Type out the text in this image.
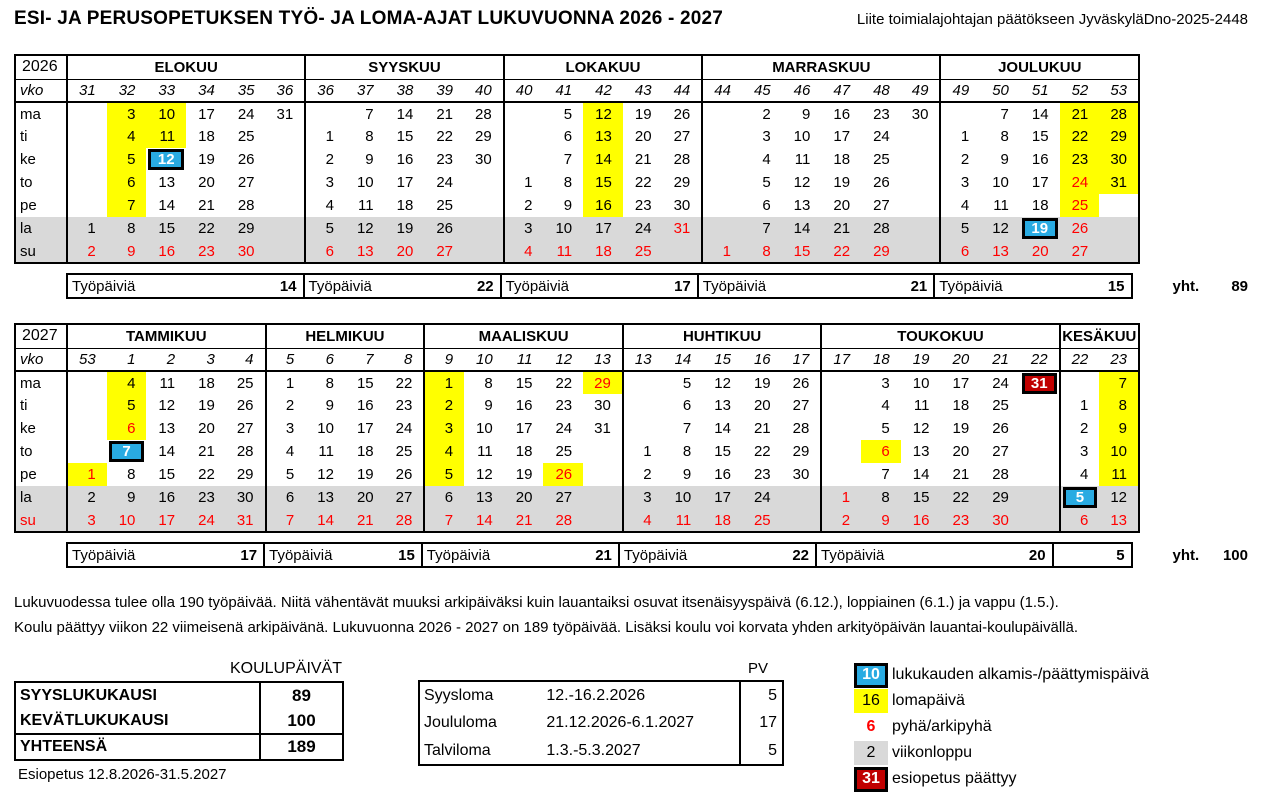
ESI- JA PERUSOPETUKSEN TYÖ- JA LOMA-AJAT LUKUVUONNA 2026 - 2027	Liite toimialajohtajan päätökseen JyväskyläDno-2025-2448
2026	ELOKUU						SYYSKUU					LOKAKUU					MARRASKUU						JOULUKUU				
vko	31	32	33	34	35	36	36	37	38	39	40	40	41	42	43	44	44	45	46	47	48	49	49	50	51	52	53
ma		3	10	17	24	31		7	14	21	28		5	12	19	26		2	9	16	23	30		7	14	21	28
ti		4	11	18	25		1	8	15	22	29		6	13	20	27		3	10	17	24		1	8	15	22	29
ke		5	12	19	26		2	9	16	23	30		7	14	21	28		4	11	18	25		2	9	16	23	30
to		6	13	20	27		3	10	17	24		1	8	15	22	29		5	12	19	26		3	10	17	24	31
pe		7	14	21	28		4	11	18	25		2	9	16	23	30		6	13	20	27		4	11	18	25	
la	1	8	15	22	29		5	12	19	26		3	10	17	24	31		7	14	21	28		5	12	19	26	
su	2	9	16	23	30		6	13	20	27		4	11	18	25		1	8	15	22	29		6	13	20	27	
Työpäiviä	14	Työpäiviä	22	Työpäiviä	17	Työpäiviä	21	Työpäiviä	15	yht. 89
2027	TAMMIKUU					HELMIKUU				MAALISKUU					HUHTIKUU					TOUKOKUU						KESÄKUU	
vko	53	1	2	3	4	5	6	7	8	9	10	11	12	13	13	14	15	16	17	17	18	19	20	21	22	22	23
ma		4	11	18	25	1	8	15	22	1	8	15	22	29		5	12	19	26		3	10	17	24	31		7
ti		5	12	19	26	2	9	16	23	2	9	16	23	30		6	13	20	27		4	11	18	25		1	8
ke		6	13	20	27	3	10	17	24	3	10	17	24	31		7	14	21	28		5	12	19	26		2	9
to		7	14	21	28	4	11	18	25	4	11	18	25		1	8	15	22	29		6	13	20	27		3	10
pe	1	8	15	22	29	5	12	19	26	5	12	19	26		2	9	16	23	30		7	14	21	28		4	11
la	2	9	16	23	30	6	13	20	27	6	13	20	27		3	10	17	24		1	8	15	22	29		5	12
su	3	10	17	24	31	7	14	21	28	7	14	21	28		4	11	18	25		2	9	16	23	30		6	13
Työpäiviä	17	Työpäiviä	15	Työpäiviä	21	Työpäiviä	22	Työpäiviä	20	5	yht. 100
Lukuvuodessa tulee olla 190 työpäivää. Niitä vähentävät muuksi arkipäiväksi kuin lauantaiksi osuvat itsenäisyyspäivä (6.12.), loppiainen (6.1.) ja vappu (1.5.).
Koulu päättyy viikon 22 viimeisenä arkipäivänä. Lukuvuonna 2026 - 2027 on 189 työpäivää. Lisäksi koulu voi korvata yhden arkityöpäivän lauantai-koulupäivällä.
KOULUPÄIVÄT
SYYSLUKUKAUSI	89
KEVÄTLUKUKAUSI	100
YHTEENSÄ	189
Esiopetus 12.8.2026-31.5.2027
PV
Syysloma	12.-16.2.2026	5
Joululoma	21.12.2026-6.1.2027	17
Talviloma	1.3.-5.3.2027	5
10 lukukauden alkamis-/päättymispäivä
16 lomapäivä
6	pyhä/arkipyhä
2	viikonloppu
31 esiopetus päättyy
